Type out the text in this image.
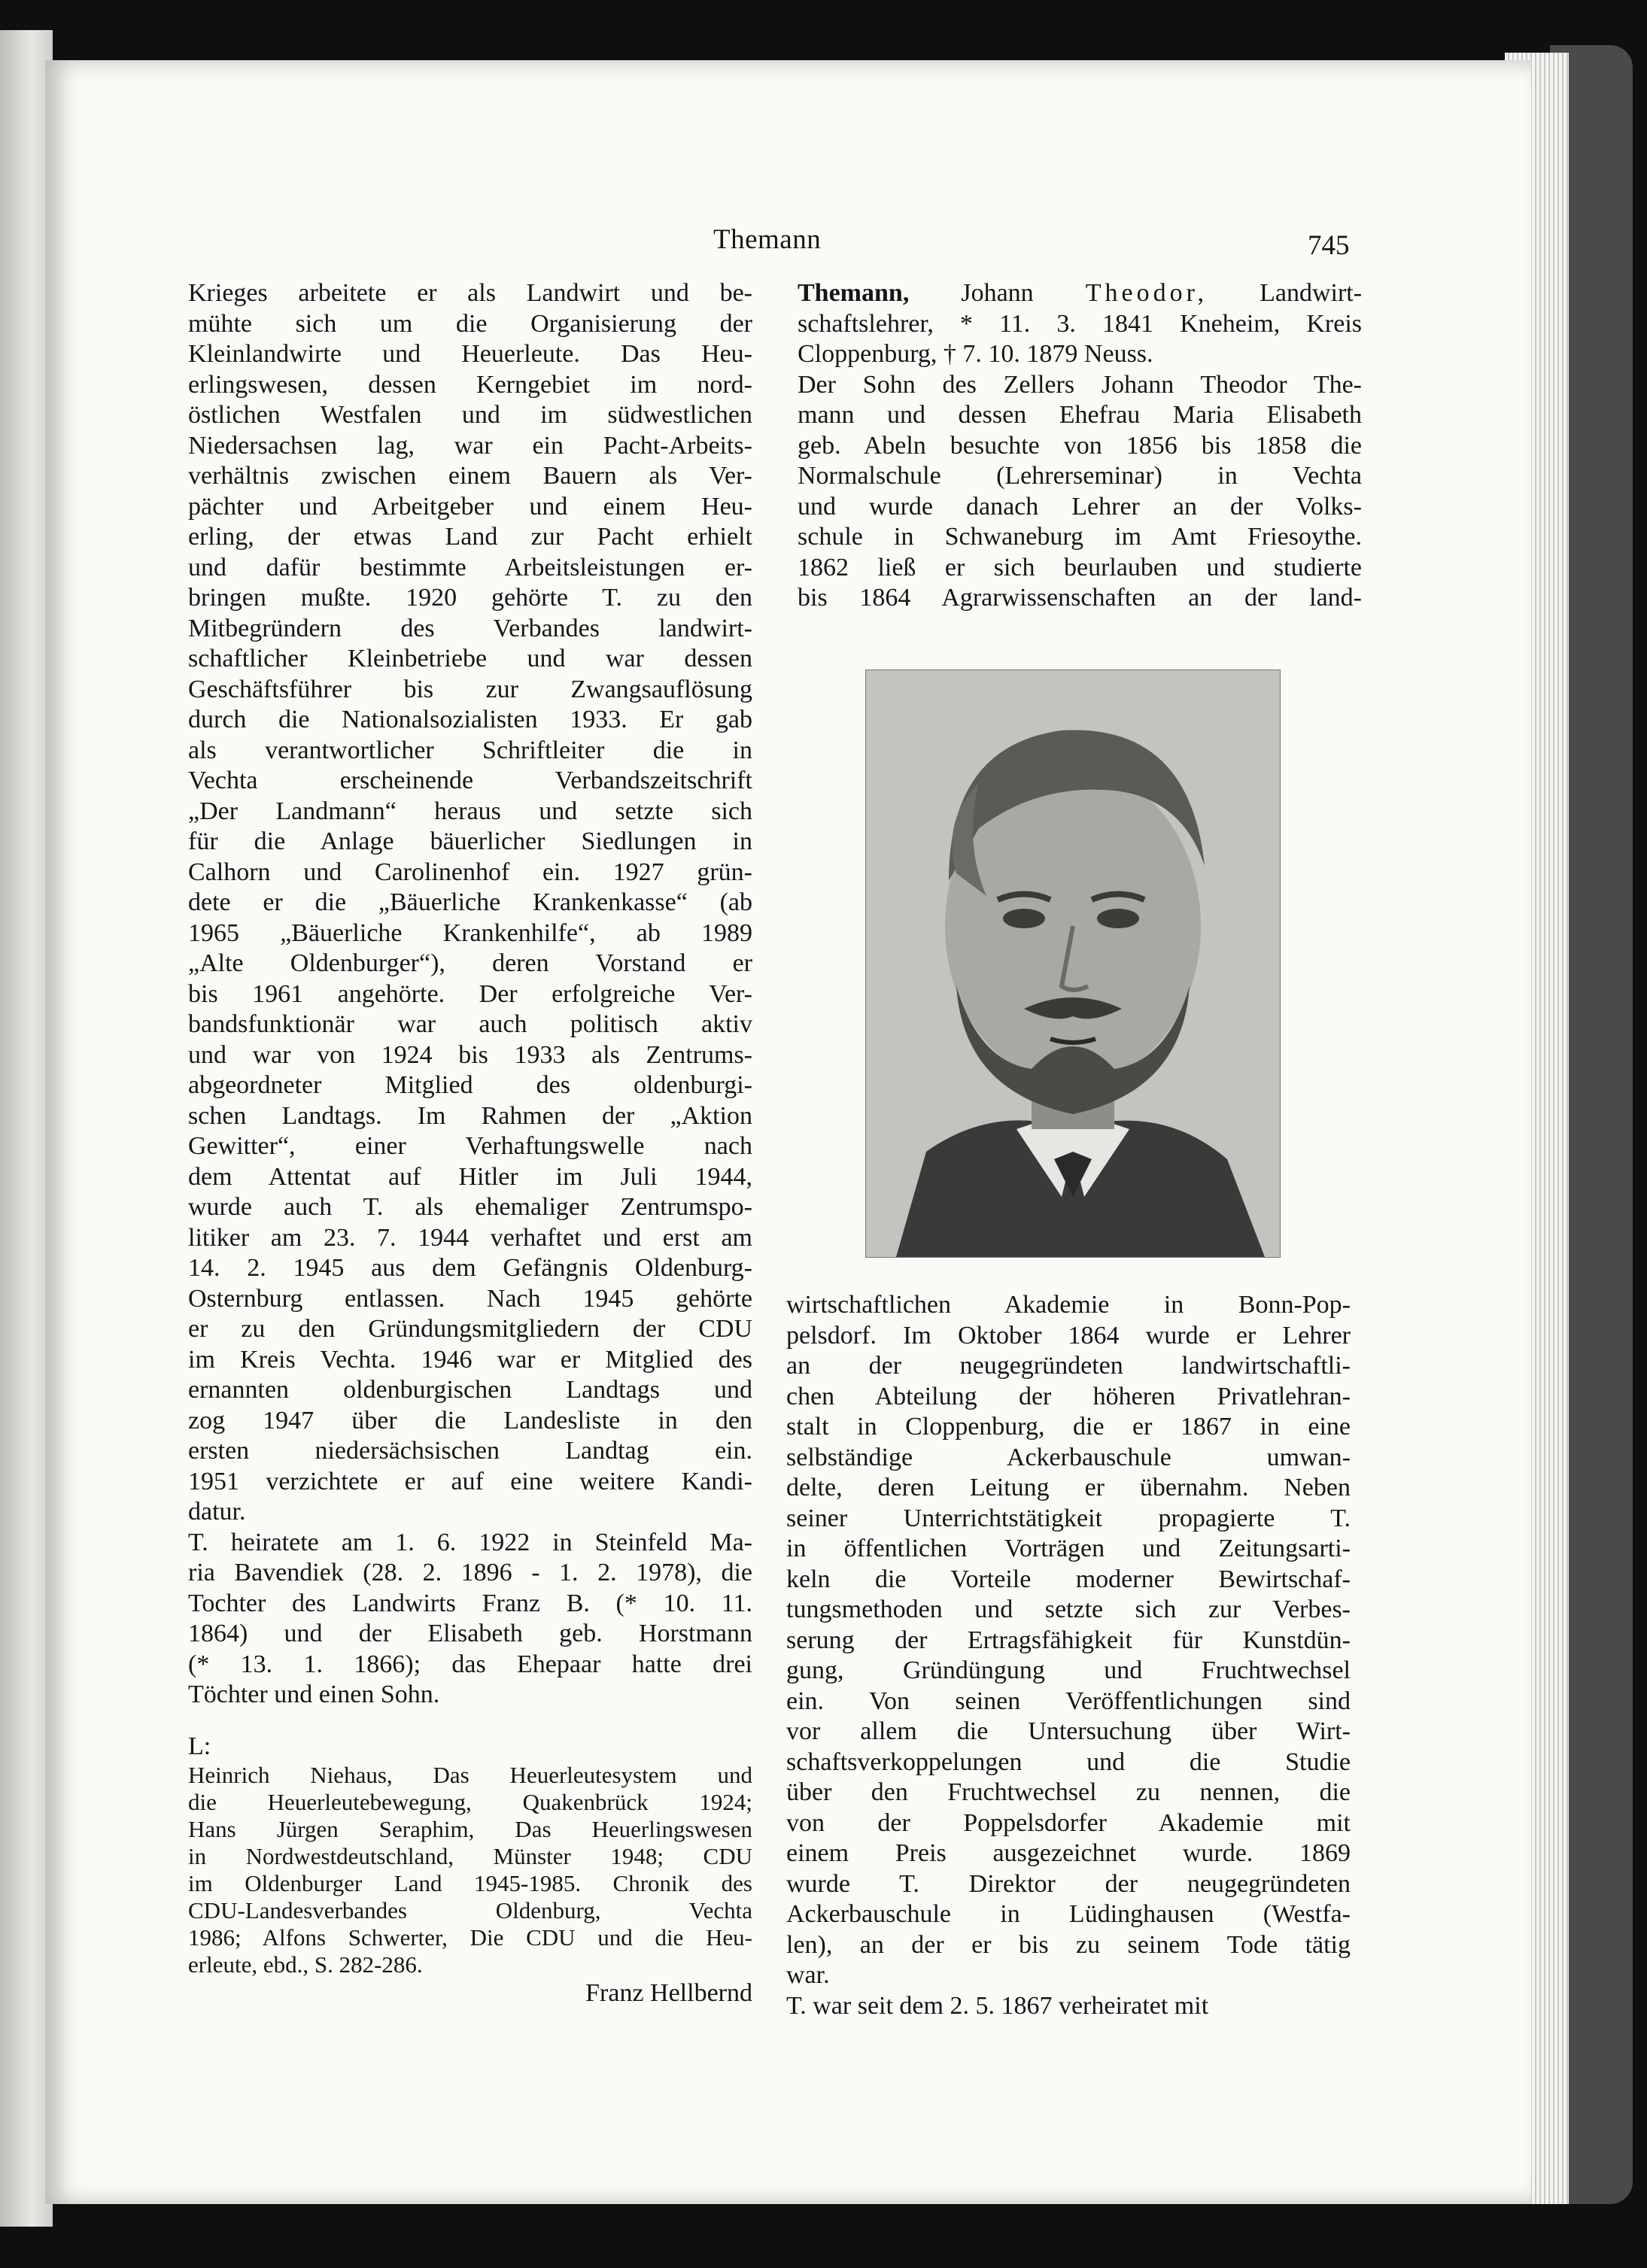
Themann	745
Krieges arbeitete er als Landwirt und be-
mühte sich um die Organisierung der
Kleinlandwirte und Heuerleute. Das Heu-
erlingswesen, dessen Kerngebiet im nord-
östlichen Westfalen und im südwestlichen
Niedersachsen lag, war ein Pacht-Arbeits-
verhältnis zwischen einem Bauern als Ver-
pächter und Arbeitgeber und einem Heu-
erling, der etwas Land zur Pacht erhielt
und dafür bestimmte Arbeitsleistungen er-
bringen mußte. 1920 gehörte T. zu den
Mitbegründern des Verbandes landwirt-
schaftlicher Kleinbetriebe und war dessen
Geschäftsführer bis zur Zwangsauflösung
durch die Nationalsozialisten 1933. Er gab
als verantwortlicher Schriftleiter die in
Vechta erscheinende Verbandszeitschrift
„Der Landmann“ heraus und setzte sich
für die Anlage bäuerlicher Siedlungen in
Calhorn und Carolinenhof ein. 1927 grün-
dete er die „Bäuerliche Krankenkasse“ (ab
1965 „Bäuerliche Krankenhilfe“, ab 1989
„Alte Oldenburger“), deren Vorstand er
bis 1961 angehörte. Der erfolgreiche Ver-
bandsfunktionär war auch politisch aktiv
und war von 1924 bis 1933 als Zentrums-
abgeordneter Mitglied des oldenburgi-
schen Landtags. Im Rahmen der „Aktion
Gewitter“, einer Verhaftungswelle nach
dem Attentat auf Hitler im Juli 1944,
wurde auch T. als ehemaliger Zentrumspo-
litiker am 23. 7. 1944 verhaftet und erst am
14. 2. 1945 aus dem Gefängnis Oldenburg-
Osternburg entlassen. Nach 1945 gehörte
er zu den Gründungsmitgliedern der CDU
im Kreis Vechta. 1946 war er Mitglied des
ernannten oldenburgischen Landtags und
zog 1947 über die Landesliste in den
ersten niedersächsischen Landtag ein.
1951 verzichtete er auf eine weitere Kandi-
datur.
T. heiratete am 1. 6. 1922 in Steinfeld Ma-
ria Bavendiek (28. 2. 1896 - 1. 2. 1978), die
Tochter des Landwirts Franz B. (* 10. 11.
1864) und der Elisabeth geb. Horstmann
(* 13. 1. 1866); das Ehepaar hatte drei
Töchter und einen Sohn.
L:
Heinrich Niehaus, Das Heuerleutesystem und
die Heuerleutebewegung, Quakenbrück 1924;
Hans Jürgen Seraphim, Das Heuerlingswesen
in Nordwestdeutschland, Münster 1948; CDU
im Oldenburger Land 1945-1985. Chronik des
CDU-Landesverbandes Oldenburg, Vechta
1986; Alfons Schwerter, Die CDU und die Heu-
erleute, ebd., S. 282-286.
Franz Hellbernd
Themann, Johann Theodor, Landwirt-
schaftslehrer, * 11. 3. 1841 Kneheim, Kreis
Cloppenburg, † 7. 10. 1879 Neuss.
Der Sohn des Zellers Johann Theodor The-
mann und dessen Ehefrau Maria Elisabeth
geb. Abeln besuchte von 1856 bis 1858 die
Normalschule (Lehrerseminar) in Vechta
und wurde danach Lehrer an der Volks-
schule in Schwaneburg im Amt Friesoythe.
1862 ließ er sich beurlauben und studierte
bis 1864 Agrarwissenschaften an der land-
wirtschaftlichen Akademie in Bonn-Pop-
pelsdorf. Im Oktober 1864 wurde er Lehrer
an der neugegründeten landwirtschaftli-
chen Abteilung der höheren Privatlehran-
stalt in Cloppenburg, die er 1867 in eine
selbständige Ackerbauschule umwan-
delte, deren Leitung er übernahm. Neben
seiner Unterrichtstätigkeit propagierte T.
in öffentlichen Vorträgen und Zeitungsarti-
keln die Vorteile moderner Bewirtschaf-
tungsmethoden und setzte sich zur Verbes-
serung der Ertragsfähigkeit für Kunstdün-
gung, Gründüngung und Fruchtwechsel
ein. Von seinen Veröffentlichungen sind
vor allem die Untersuchung über Wirt-
schaftsverkoppelungen und die Studie
über den Fruchtwechsel zu nennen, die
von der Poppelsdorfer Akademie mit
einem Preis ausgezeichnet wurde. 1869
wurde T. Direktor der neugegründeten
Ackerbauschule in Lüdinghausen (Westfa-
len), an der er bis zu seinem Tode tätig
war.
T. war seit dem 2. 5. 1867 verheiratet mit
